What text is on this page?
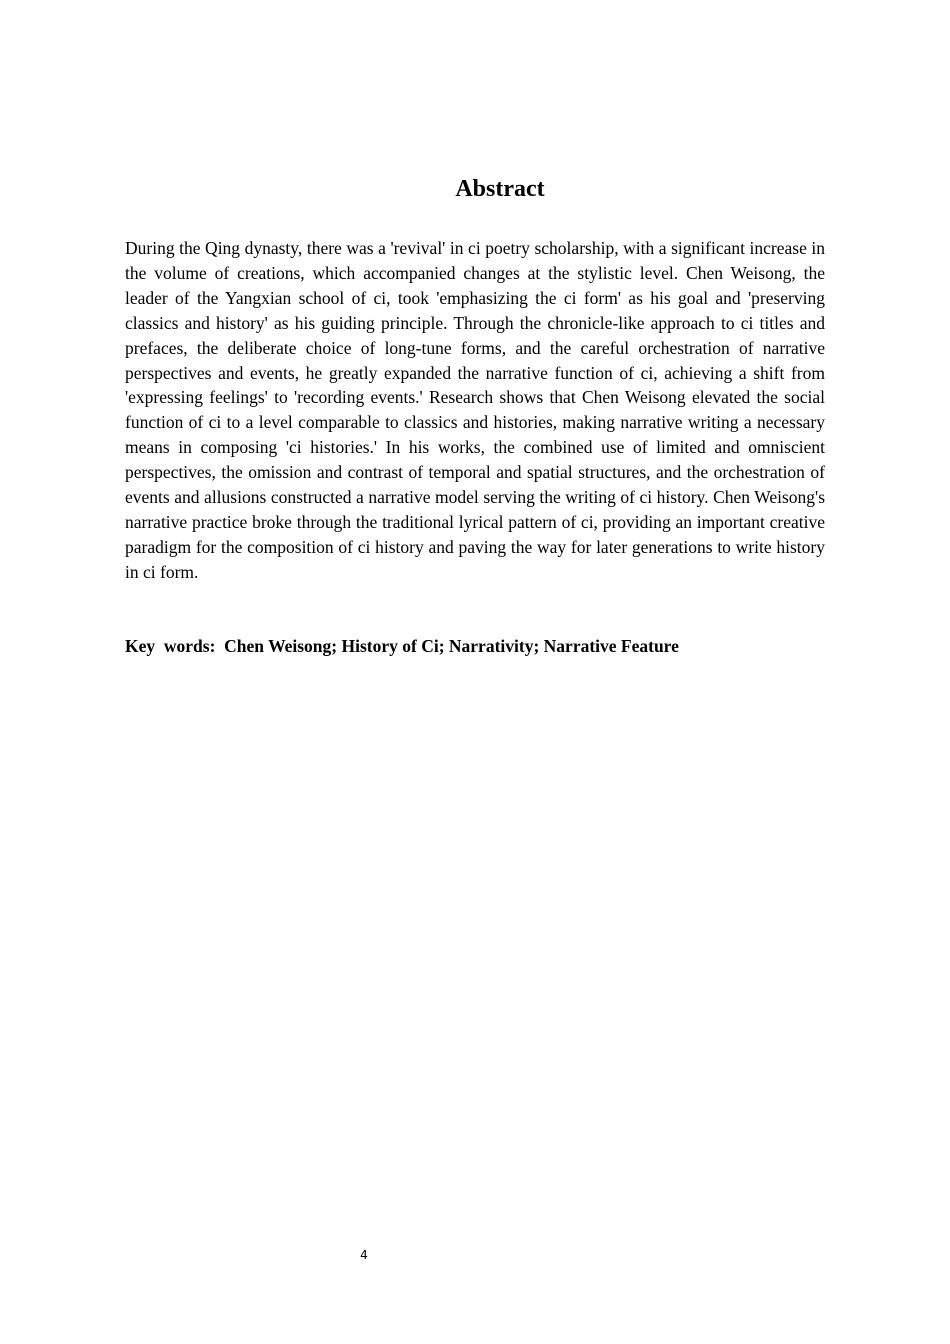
Abstract

During the Qing dynasty, there was a 'revival' in ci poetry scholarship, with a significant increase in the volume of creations, which accompanied changes at the stylistic level. Chen Weisong, the leader of the Yangxian school of ci, took 'emphasizing the ci form' as his goal and 'preserving classics and history' as his guiding principle. Through the chronicle-like approach to ci titles and prefaces, the deliberate choice of long-tune forms, and the careful orchestration of narrative perspectives and events, he greatly expanded the narrative function of ci, achieving a shift from 'expressing feelings' to 'recording events.' Research shows that Chen Weisong elevated the social function of ci to a level comparable to classics and histories, making narrative writing a necessary means in composing 'ci histories.' In his works, the combined use of limited and omniscient perspectives, the omission and contrast of temporal and spatial structures, and the orchestration of events and allusions constructed a narrative model serving the writing of ci history. Chen Weisong's narrative practice broke through the traditional lyrical pattern of ci, providing an important creative paradigm for the composition of ci history and paving the way for later generations to write history in ci form.

Key  words:  Chen Weisong; History of Ci; Narrativity; Narrative Feature

4
